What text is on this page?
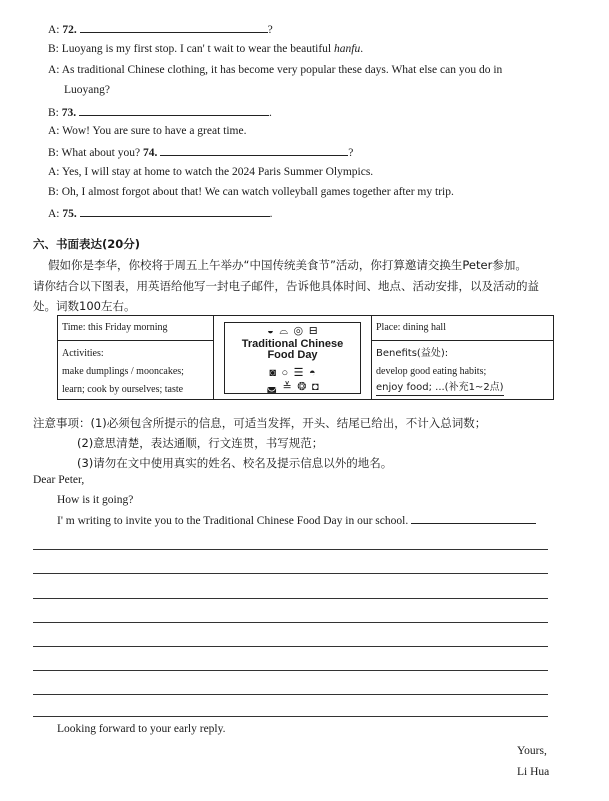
A: 72.	?
B: Luoyang is my first stop. I can' t wait to wear the beautiful hanfu.
A: As traditional Chinese clothing, it has become very popular these days. What else can you do in
Luoyang?
B: 73.	.
A: Wow! You are sure to have a great time.
B: What about you? 74.	?
A: Yes, I will stay at home to watch the 2024 Paris Summer Olympics.
B: Oh, I almost forgot about that! We can watch volleyball games together after my trip.
A: 75.	.
六、书面表达(20分)
假如你是李华，你校将于周五上午举办“中国传统美食节”活动，你打算邀请交换生Peter参加。
请你结合以下图表，用英语给他写一封电子邮件，告诉他具体时间、地点、活动安排，以及活动的益
处。词数100左右。
Time: this Friday morning
Activities:
make dumplings / mooncakes;
learn; cook by ourselves; taste
◒ ⌓ ◎ ⊟
Traditional Chinese
Food Day
◙ ○ ☰ ◓
◛ ≚ ❂ ◘
Place: dining hall
Benefits(益处):
develop good eating habits;
enjoy food; ...(补充1~2点)
注意事项：(1)必须包含所提示的信息，可适当发挥，开头、结尾已给出，不计入总词数；
(2)意思清楚，表达通顺，行文连贯，书写规范；
(3)请勿在文中使用真实的姓名、校名及提示信息以外的地名。
Dear Peter,
How is it going?
I' m writing to invite you to the Traditional Chinese Food Day in our school.
Looking forward to your early reply.
Yours,
Li Hua
